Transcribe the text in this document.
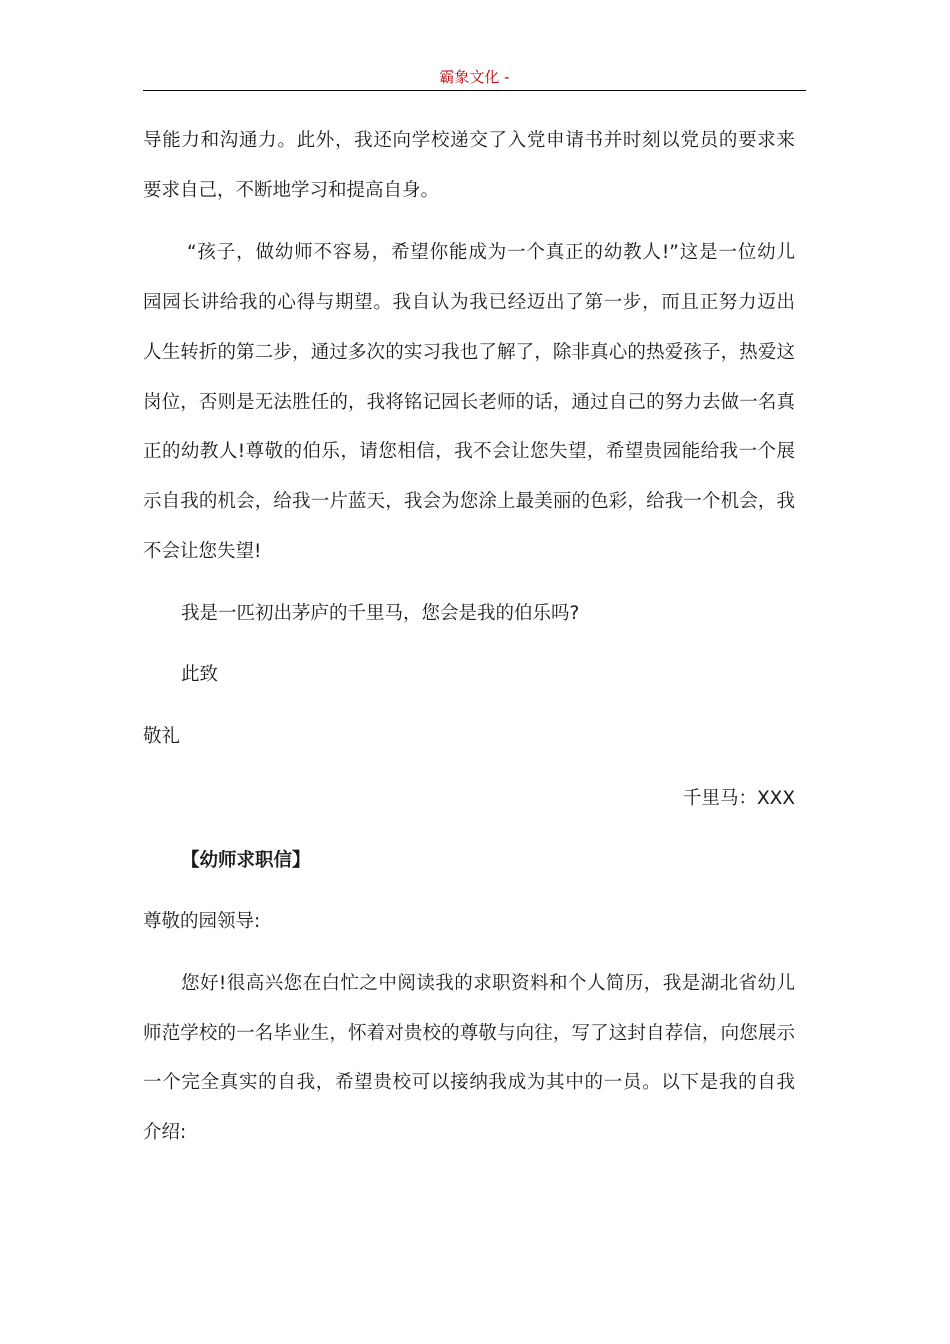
霸象文化 -
导能力和沟通力。此外，我还向学校递交了入党申请书并时刻以党员的要求来
要求自己，不断地学习和提高自身。
“孩子，做幼师不容易，希望你能成为一个真正的幼教人!”这是一位幼儿
园园长讲给我的心得与期望。我自认为我已经迈出了第一步，而且正努力迈出
人生转折的第二步，通过多次的实习我也了解了，除非真心的热爱孩子，热爱这
岗位，否则是无法胜任的，我将铭记园长老师的话，通过自己的努力去做一名真
正的幼教人!尊敬的伯乐，请您相信，我不会让您失望，希望贵园能给我一个展
示自我的机会，给我一片蓝天，我会为您涂上最美丽的色彩，给我一个机会，我
不会让您失望!
我是一匹初出茅庐的千里马，您会是我的伯乐吗?
此致
敬礼
千里马：XXX
【幼师求职信】
尊敬的园领导:
您好!很高兴您在白忙之中阅读我的求职资料和个人简历，我是湖北省幼儿
师范学校的一名毕业生，怀着对贵校的尊敬与向往，写了这封自荐信，向您展示
一个完全真实的自我，希望贵校可以接纳我成为其中的一员。以下是我的自我
介绍:
